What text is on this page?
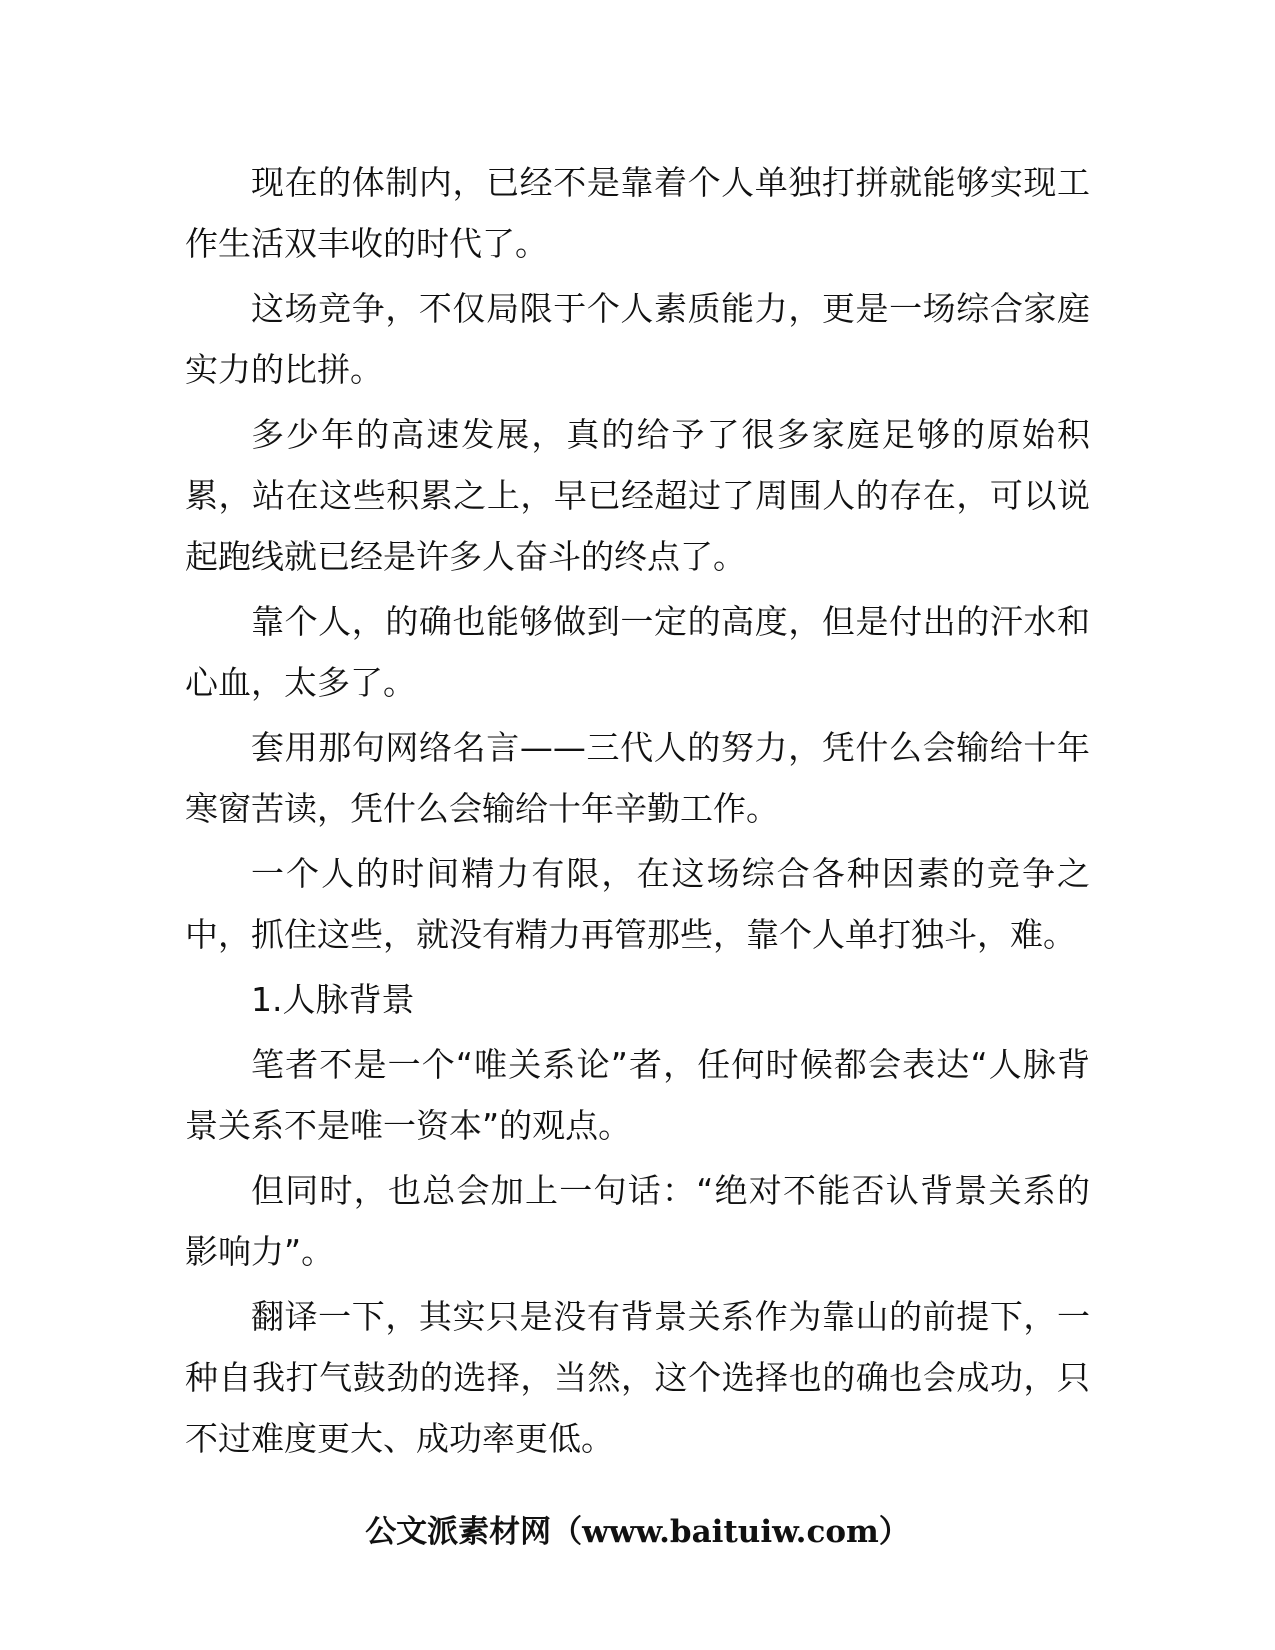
现在的体制内，已经不是靠着个人单独打拼就能够实现工作生活双丰收的时代了。

这场竞争，不仅局限于个人素质能力，更是一场综合家庭实力的比拼。

多少年的高速发展，真的给予了很多家庭足够的原始积累，站在这些积累之上，早已经超过了周围人的存在，可以说起跑线就已经是许多人奋斗的终点了。

靠个人，的确也能够做到一定的高度，但是付出的汗水和心血，太多了。

套用那句网络名言——三代人的努力，凭什么会输给十年寒窗苦读，凭什么会输给十年辛勤工作。

一个人的时间精力有限，在这场综合各种因素的竞争之中，抓住这些，就没有精力再管那些，靠个人单打独斗，难。

1.人脉背景

笔者不是一个“唯关系论”者，任何时候都会表达“人脉背景关系不是唯一资本”的观点。

但同时，也总会加上一句话：“绝对不能否认背景关系的影响力”。

翻译一下，其实只是没有背景关系作为靠山的前提下，一种自我打气鼓劲的选择，当然，这个选择也的确也会成功，只不过难度更大、成功率更低。

公文派素材网（www.baituiw.com）
